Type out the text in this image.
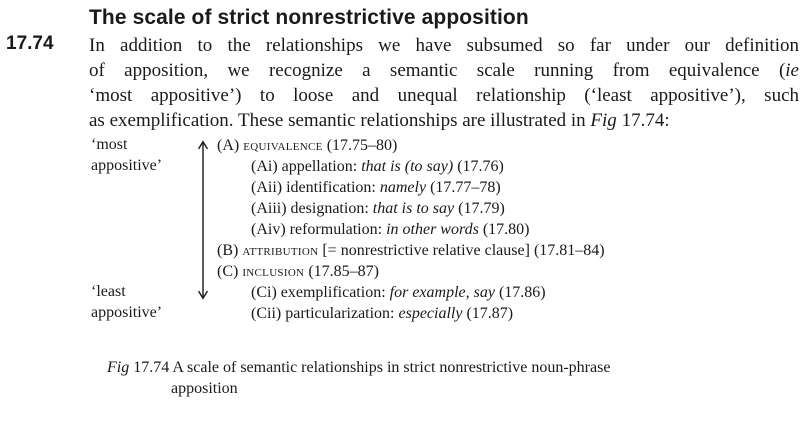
The scale of strict nonrestrictive apposition
17.74 In addition to the relationships we have subsumed so far under our definition
of apposition, we recognize a semantic scale running from equivalence (ie
‘most appositive’) to loose and unequal relationship (‘least appositive’), such
as exemplification. These semantic relationships are illustrated in Fig 17.74:
‘most
appositive’
‘least
appositive’
(A) equivalence (17.75–80)
(Ai) appellation: that is (to say) (17.76)
(Aii) identification: namely (17.77–78)
(Aiii) designation: that is to say (17.79)
(Aiv) reformulation: in other words (17.80)
(B) attribution [= nonrestrictive relative clause] (17.81–84)
(C) inclusion (17.85–87)
(Ci) exemplification: for example, say (17.86)
(Cii) particularization: especially (17.87)
Fig 17.74 A scale of semantic relationships in strict nonrestrictive noun-phrase
apposition
